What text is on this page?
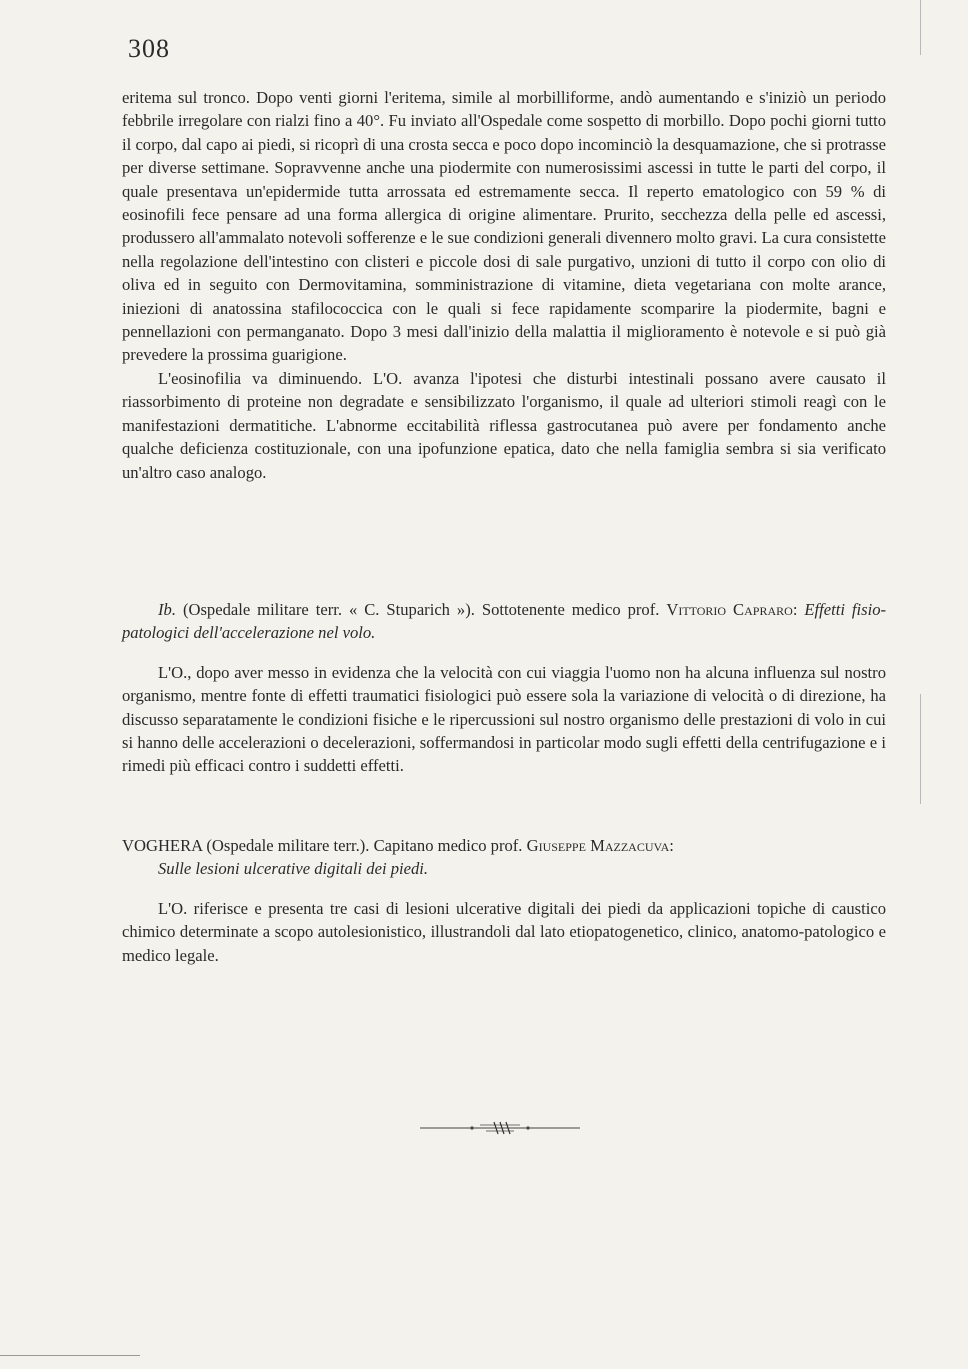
308

eritema sul tronco. Dopo venti giorni l'eritema, simile al morbilliforme, andò aumentando e s'iniziò un periodo febbrile irregolare con rialzi fino a 40°. Fu inviato all'Ospedale come sospetto di morbillo. Dopo pochi giorni tutto il corpo, dal capo ai piedi, si ricoprì di una crosta secca e poco dopo incominciò la desquamazione, che si protrasse per diverse settimane. Sopravvenne anche una piodermite con numerosissimi ascessi in tutte le parti del corpo, il quale presentava un'epidermide tutta arrossata ed estremamente secca. Il reperto ematologico con 59 % di eosinofili fece pensare ad una forma allergica di origine alimentare. Prurito, secchezza della pelle ed ascessi, produssero all'ammalato notevoli sofferenze e le sue condizioni generali divennero molto gravi. La cura consistette nella regolazione dell'intestino con clisteri e piccole dosi di sale purgativo, unzioni di tutto il corpo con olio di oliva ed in seguito con Dermovitamina, somministrazione di vitamine, dieta vegetariana con molte arance, iniezioni di anatossina stafilococcica con le quali si fece rapidamente scomparire la piodermite, bagni e pennellazioni con permanganato. Dopo 3 mesi dall'inizio della malattia il miglioramento è notevole e si può già prevedere la prossima guarigione.

L'eosinofilia va diminuendo. L'O. avanza l'ipotesi che disturbi intestinali possano avere causato il riassorbimento di proteine non degradate e sensibilizzato l'organismo, il quale ad ulteriori stimoli reagì con le manifestazioni dermatitiche. L'abnorme eccitabilità riflessa gastrocutanea può avere per fondamento anche qualche deficienza costituzionale, con una ipofunzione epatica, dato che nella famiglia sembra si sia verificato un'altro caso analogo.

Ib. (Ospedale militare terr. « C. Stuparich »). Sottotenente medico prof. Vittorio Capraro: Effetti fisio-patologici dell'accelerazione nel volo.

L'O., dopo aver messo in evidenza che la velocità con cui viaggia l'uomo non ha alcuna influenza sul nostro organismo, mentre fonte di effetti traumatici fisiologici può essere sola la variazione di velocità o di direzione, ha discusso separatamente le condizioni fisiche e le ripercussioni sul nostro organismo delle prestazioni di volo in cui si hanno delle accelerazioni o decelerazioni, soffermandosi in particolar modo sugli effetti della centrifugazione e i rimedi più efficaci contro i suddetti effetti.

VOGHERA (Ospedale militare terr.). Capitano medico prof. Giuseppe Mazzacuva:
Sulle lesioni ulcerative digitali dei piedi.

L'O. riferisce e presenta tre casi di lesioni ulcerative digitali dei piedi da applicazioni topiche di caustico chimico determinate a scopo autolesionistico, illustrandoli dal lato etiopatogenetico, clinico, anatomo-patologico e medico legale.
